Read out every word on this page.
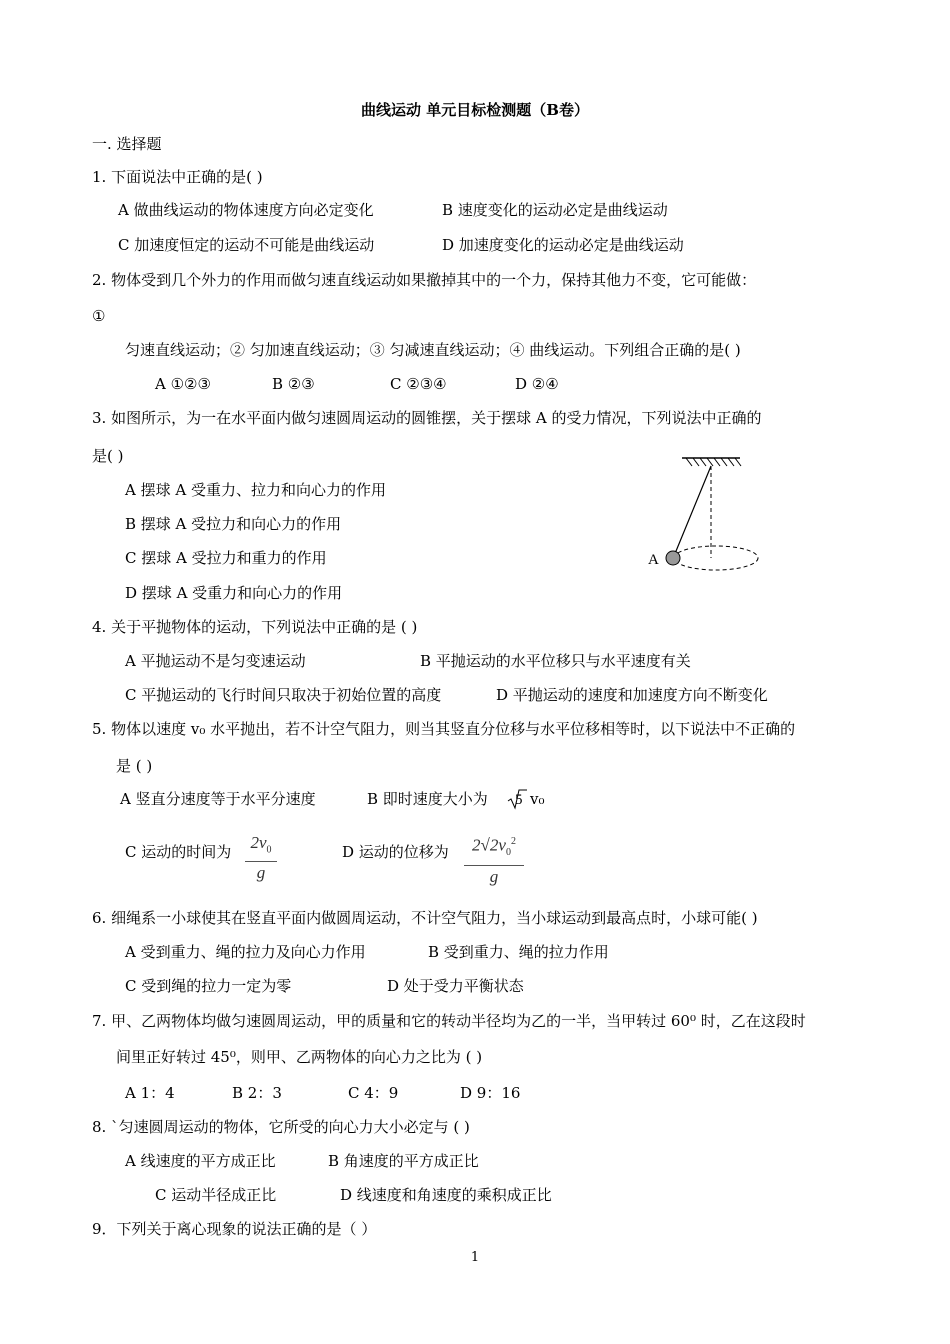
曲线运动 单元目标检测题（B卷）
一. 选择题
1. 下面说法中正确的是( )
A 做曲线运动的物体速度方向必定变化	B 速度变化的运动必定是曲线运动
C 加速度恒定的运动不可能是曲线运动	D 加速度变化的运动必定是曲线运动
2. 物体受到几个外力的作用而做匀速直线运动如果撤掉其中的一个力，保持其他力不变，它可能做：
①
匀速直线运动；② 匀加速直线运动；③ 匀减速直线运动；④ 曲线运动。下列组合正确的是( )
A ①②③	B ②③	C ②③④	D ②④
3. 如图所示，为一在水平面内做匀速圆周运动的圆锥摆，关于摆球 A 的受力情况，下列说法中正确的
是( )
A 摆球 A 受重力、拉力和向心力的作用
B 摆球 A 受拉力和向心力的作用
C 摆球 A 受拉力和重力的作用
D 摆球 A 受重力和向心力的作用
A
4. 关于平抛物体的运动，下列说法中正确的是 ( )
A 平抛运动不是匀变速运动	B 平抛运动的水平位移只与水平速度有关
C 平抛运动的飞行时间只取决于初始位置的高度	D 平抛运动的速度和加速度方向不断变化
5. 物体以速度 v₀ 水平抛出，若不计空气阻力，则当其竖直分位移与水平位移相等时，以下说法中不正确的
是 ( )
A 竖直分速度等于水平分速度	B 即时速度大小为 5 v₀
C 运动的时间为	$2v_0$
g
D 运动的位移为	$2√2v_0^2$
g
6. 细绳系一小球使其在竖直平面内做圆周运动，不计空气阻力，当小球运动到最高点时，小球可能( )
A 受到重力、绳的拉力及向心力作用	B 受到重力、绳的拉力作用
C 受到绳的拉力一定为零	D 处于受力平衡状态
7. 甲、乙两物体均做匀速圆周运动，甲的质量和它的转动半径均为乙的一半，当甲转过 60⁰ 时，乙在这段时
间里正好转过 45⁰，则甲、乙两物体的向心力之比为 ( )
A 1：4	B 2：3	C 4：9	D 9：16
8. `匀速圆周运动的物体，它所受的向心力大小必定与 ( )
A 线速度的平方成正比	B 角速度的平方成正比
C 运动半径成正比	D 线速度和角速度的乘积成正比
9．下列关于离心现象的说法正确的是（ ）
1
